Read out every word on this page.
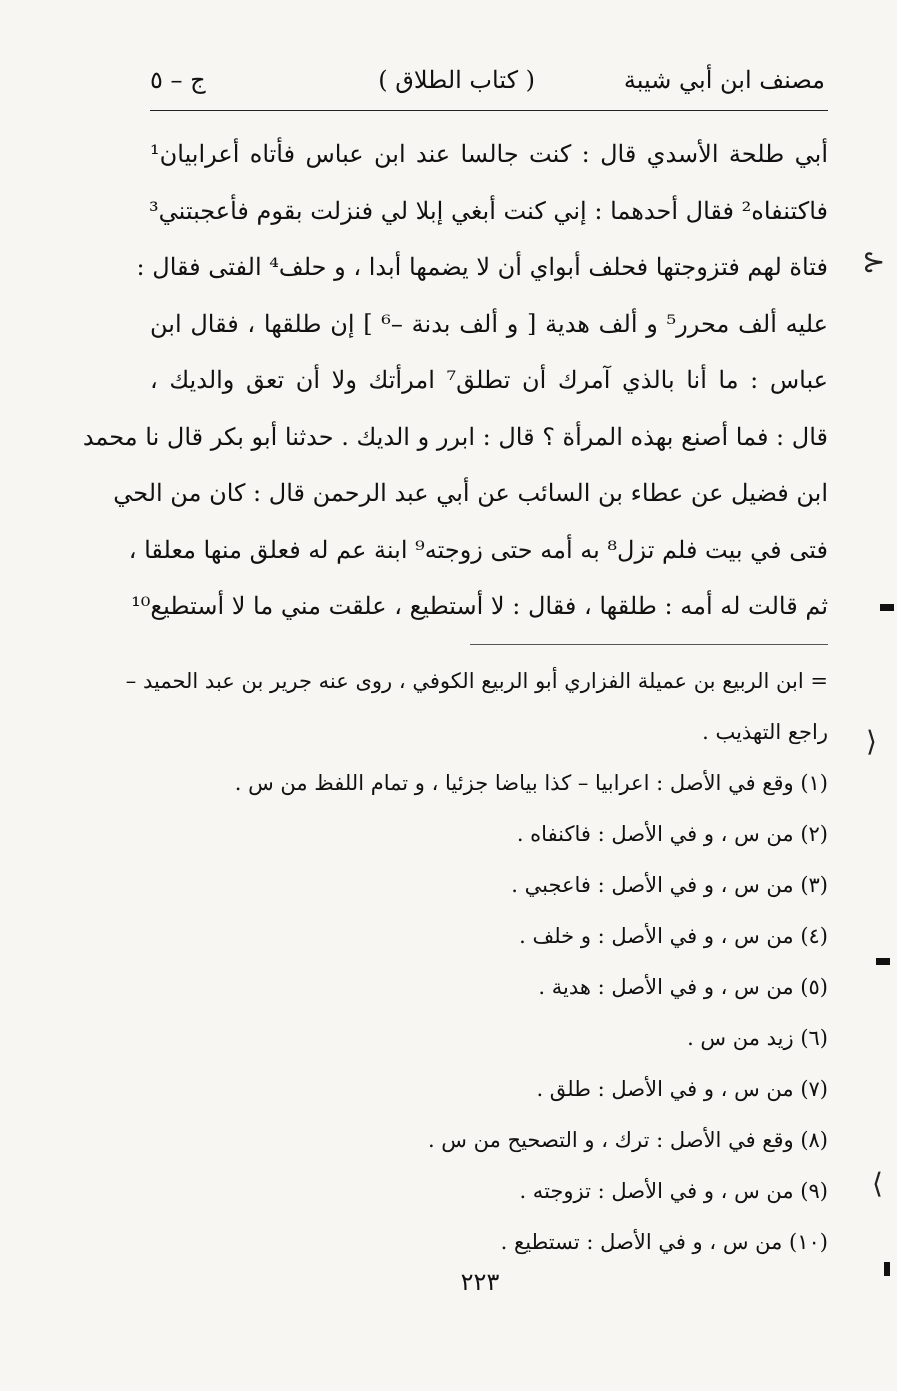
مصنف ابن أبي شيبة
( كتاب الطلاق )
ج – ٥
أبي طلحة الأسدي قال : كنت جالسا عند ابن عباس فأتاه أعرابيان¹
فاكتنفاه² فقال أحدهما : إني كنت أبغي إبلا لي فنزلت بقوم فأعجبتني³
فتاة لهم فتزوجتها فحلف أبواي أن لا يضمها أبدا ، و حلف⁴ الفتى فقال :
عليه ألف محرر⁵ و ألف هدية [ و ألف بدنة –⁶ ] إن طلقها ، فقال ابن
عباس : ما أنا بالذي آمرك أن تطلق⁷ امرأتك ولا أن تعق والديك ،
قال : فما أصنع بهذه المرأة ؟ قال : ابرر و الديك . حدثنا أبو بكر قال نا محمد
ابن فضيل عن عطاء بن السائب عن أبي عبد الرحمن قال : كان من الحي
فتى في بيت فلم تزل⁸ به أمه حتى زوجته⁹ ابنة عم له فعلق منها معلقا ،
ثم قالت له أمه : طلقها ، فقال : لا أستطيع ، علقت مني ما لا أستطيع¹⁰
= ابن الربيع بن عميلة الفزاري أبو الربيع الكوفي ، روى عنه جرير بن عبد الحميد –
راجع التهذيب .
(١) وقع في الأصل : اعرابيا – كذا بياضا جزئيا ، و تمام اللفظ من س .
(٢) من س ، و في الأصل : فاكنفاه .
(٣) من س ، و في الأصل : فاعجبي .
(٤) من س ، و في الأصل : و خلف .
(٥) من س ، و في الأصل : هدية .
(٦) زيد من س .
(٧) من س ، و في الأصل : طلق .
(٨) وقع في الأصل : ترك ، و التصحيح من س .
(٩) من س ، و في الأصل : تزوجته .
(١٠) من س ، و في الأصل : تستطيع .
٢٢٣
⊱
⟩
⟨
